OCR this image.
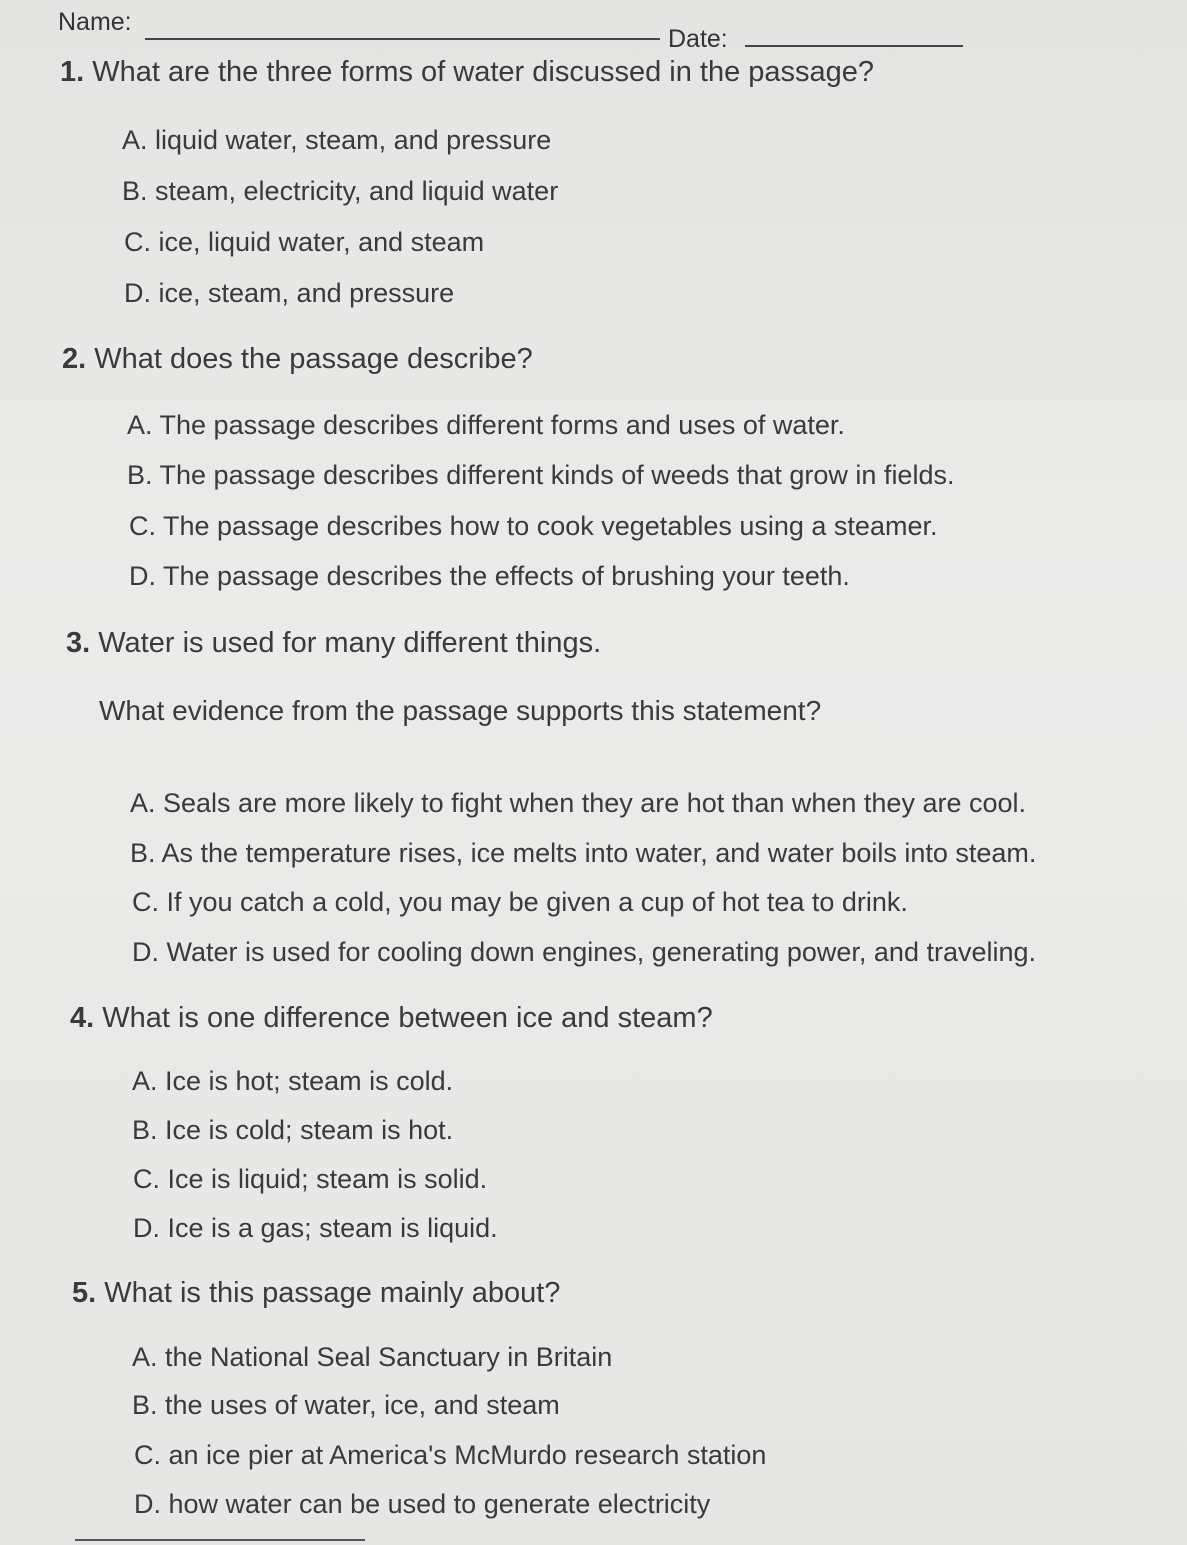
Name:
Date:
1. What are the three forms of water discussed in the passage?
A. liquid water, steam, and pressure
B. steam, electricity, and liquid water
C. ice, liquid water, and steam
D. ice, steam, and pressure
2. What does the passage describe?
A. The passage describes different forms and uses of water.
B. The passage describes different kinds of weeds that grow in fields.
C. The passage describes how to cook vegetables using a steamer.
D. The passage describes the effects of brushing your teeth.
3. Water is used for many different things.
What evidence from the passage supports this statement?
A. Seals are more likely to fight when they are hot than when they are cool.
B. As the temperature rises, ice melts into water, and water boils into steam.
C. If you catch a cold, you may be given a cup of hot tea to drink.
D. Water is used for cooling down engines, generating power, and traveling.
4. What is one difference between ice and steam?
A. Ice is hot; steam is cold.
B. Ice is cold; steam is hot.
C. Ice is liquid; steam is solid.
D. Ice is a gas; steam is liquid.
5. What is this passage mainly about?
A. the National Seal Sanctuary in Britain
B. the uses of water, ice, and steam
C. an ice pier at America's McMurdo research station
D. how water can be used to generate electricity
